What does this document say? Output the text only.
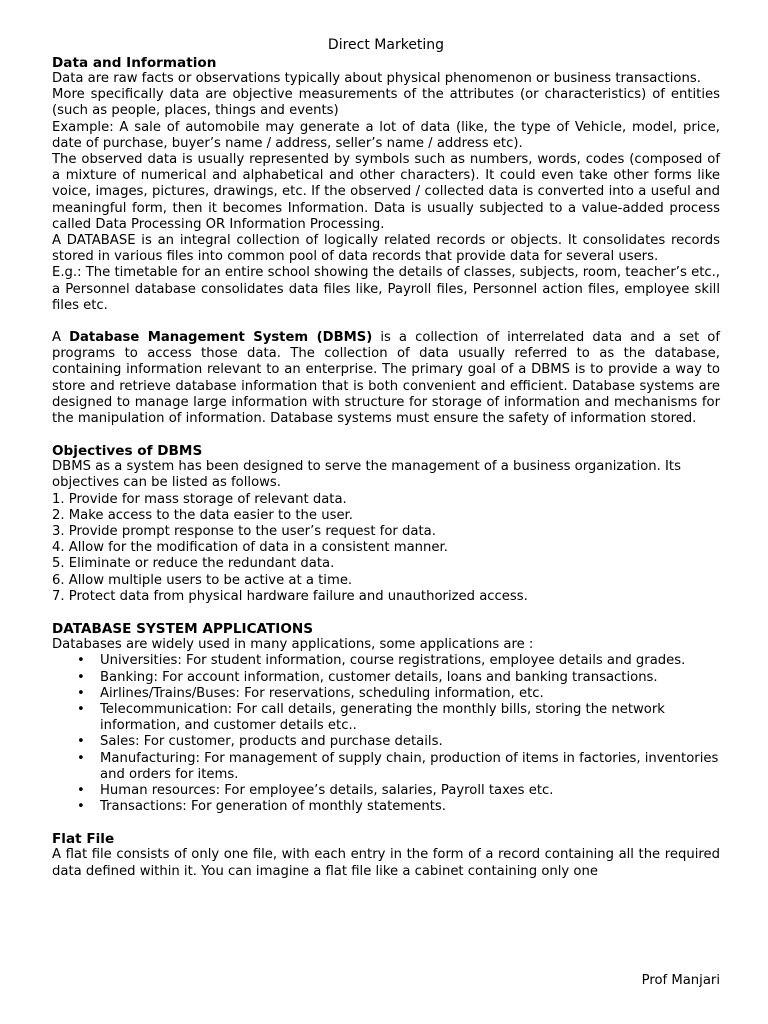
Direct Marketing
Data and Information

Data are raw facts or observations typically about physical phenomenon or business transactions.

More specifically data are objective measurements of the attributes (or characteristics) of entities (such as people, places, things and events)

Example: A sale of automobile may generate a lot of data (like, the type of Vehicle, model, price, date of purchase, buyer’s name / address, seller’s name / address etc).

The observed data is usually represented by symbols such as numbers, words, codes (composed of a mixture of numerical and alphabetical and other characters). It could even take other forms like voice, images, pictures, drawings, etc. If the observed / collected data is converted into a useful and meaningful form, then it becomes Information. Data is usually subjected to a value-added process called Data Processing OR Information Processing.

A DATABASE is an integral collection of logically related records or objects. It consolidates records stored in various files into common pool of data records that provide data for several users.

E.g.: The timetable for an entire school showing the details of classes, subjects, room, teacher’s etc., a Personnel database consolidates data files like, Payroll files, Personnel action files, employee skill files etc.

A Database Management System (DBMS) is a collection of interrelated data and a set of programs to access those data. The collection of data usually referred to as the database, containing information relevant to an enterprise. The primary goal of a DBMS is to provide a way to store and retrieve database information that is both convenient and efficient. Database systems are designed to manage large information with structure for storage of information and mechanisms for the manipulation of information. Database systems must ensure the safety of information stored.

Objectives of DBMS
DBMS as a system has been designed to serve the management of a business organization. Its
objectives can be listed as follows.
1. Provide for mass storage of relevant data.
2. Make access to the data easier to the user.
3. Provide prompt response to the user’s request for data.
4. Allow for the modification of data in a consistent manner.
5. Eliminate or reduce the redundant data.
6. Allow multiple users to be active at a time.
7. Protect data from physical hardware failure and unauthorized access.
DATABASE SYSTEM APPLICATIONS
Databases are widely used in many applications, some applications are :
• Universities: For student information, course registrations, employee details and grades.
• Banking: For account information, customer details, loans and banking transactions.
• Airlines/Trains/Buses: For reservations, scheduling information, etc.
• Telecommunication: For call details, generating the monthly bills, storing the network information, and customer details etc..
• Sales: For customer, products and purchase details.
• Manufacturing: For management of supply chain, production of items in factories, inventories and orders for items.
• Human resources: For employee’s details, salaries, Payroll taxes etc.
• Transactions: For generation of monthly statements.
Flat File

A flat file consists of only one file, with each entry in the form of a record containing all the required data defined within it. You can imagine a flat file like a cabinet containing only one

Prof Manjari
